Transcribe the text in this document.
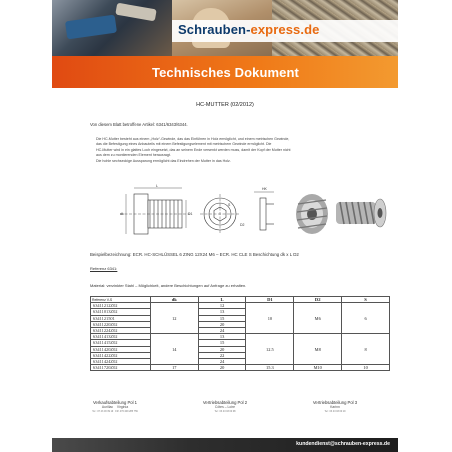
Schrauben-express.de
Technisches Dokument
HC-MUTTER (02/2012)
Von diesem Blatt betroffene Artikel: 6341/6343/6344.

Die HC-Mutter besteht aus einem „Holz“-Gewinde, das das Einführen in Holz ermöglicht, und einem metrischen Gewinde,

das die Befestigung eines Anbauteils mit einem Befestigungselement mit metrischem Gewinde ermöglicht. Die

HC-Mutter wird in ein glattes Loch eingesetzt, das an seinem Ende versenkt werden muss, damit der Kopf der Mutter nicht

aus dem zu montierenden Element herausragt.

Die hohle sechseckige Aussparung ermöglicht das Eindrehen der Mutter in das Holz.

L
dk	D1
S
D2
HK
Beispielbezeichnung: ECR. HC-SCHLÜSSEL 6 ZING 12X24 M6 – ECR. HC CLE S Beschichtung dk x L D2
Referenz 6341:
Material: verzinkter Stahl – Möglichkeit, andere Beschichtungen auf Anfrage zu erhalten.
Referenz V-S	dk	L	D1	D2	S
63411212Z02	12	12	10	M6	6
63411013Z02		13			
6341121501		15			
63411220Z02		20			
63411224Z02		24			
63411413Z02	14	13	12.5	M8	8
63411415Z02		15			
63411420Z02		20			
63411422Z02		22			
63411424Z02		24			
63411720Z02	17	20	15.3	M10	10
Verkaufsabteilung Pol 1
Aurillac Virginia
Tel : 07 43 03 39 19 FR: 476 409 285 759
Vertriebsabteilung Pol 2
Côtes – Loire
Tel : 03 43 03 00 08
Vertriebsabteilung Pol 3
Karinn
Tel : 03 43 03 00 19
kundendienst@schrauben-express.de
